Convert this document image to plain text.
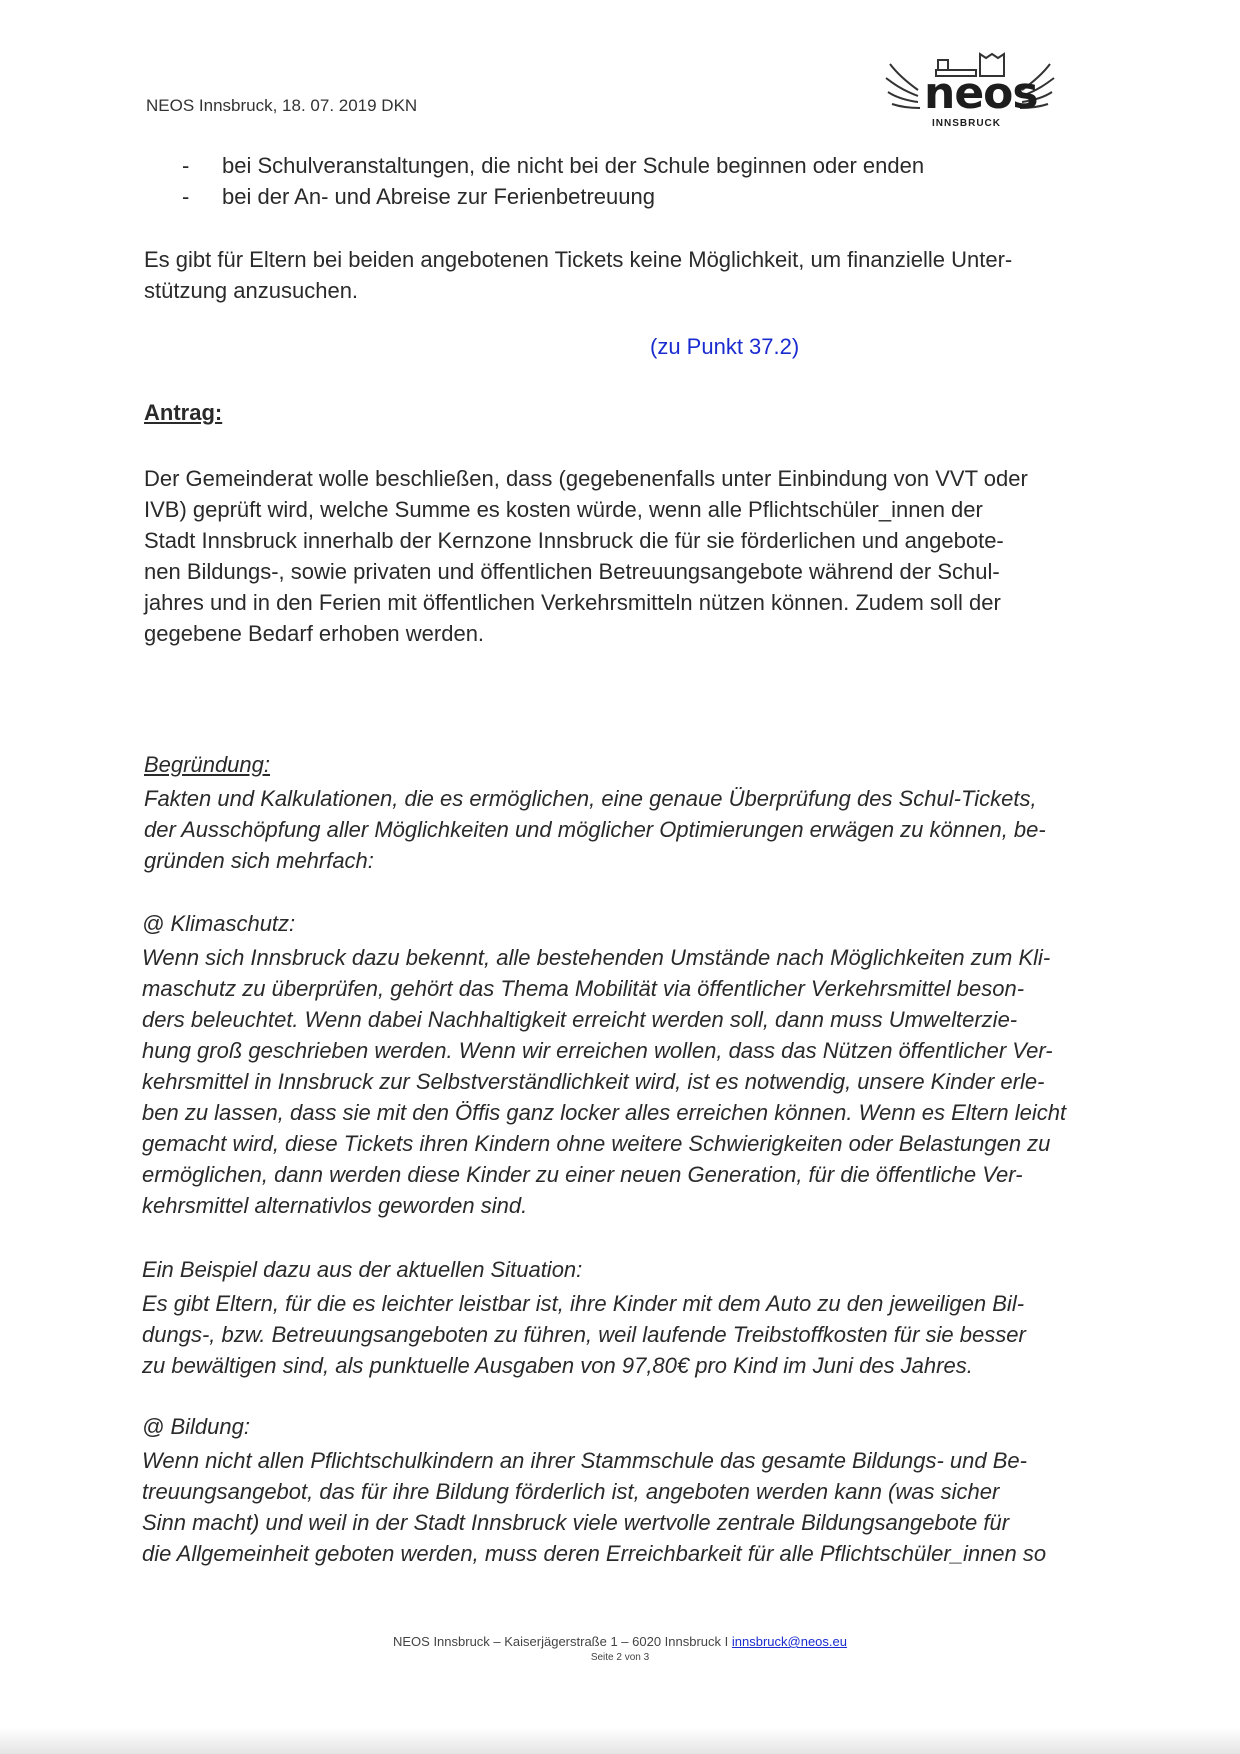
NEOS Innsbruck, 18. 07. 2019 DKN	neos
INNSBRUCK
- bei Schulveranstaltungen, die nicht bei der Schule beginnen oder enden
- bei der An- und Abreise zur Ferienbetreuung
Es gibt für Eltern bei beiden angebotenen Tickets keine Möglichkeit, um finanzielle Unter-
stützung anzusuchen.
(zu Punkt 37.2)
Antrag:
Der Gemeinderat wolle beschließen, dass (gegebenenfalls unter Einbindung von VVT oder
IVB) geprüft wird, welche Summe es kosten würde, wenn alle Pflichtschüler_innen der
Stadt Innsbruck innerhalb der Kernzone Innsbruck die für sie förderlichen und angebote-
nen Bildungs-, sowie privaten und öffentlichen Betreuungsangebote während der Schul-
jahres und in den Ferien mit öffentlichen Verkehrsmitteln nützen können. Zudem soll der
gegebene Bedarf erhoben werden.
Begründung:
Fakten und Kalkulationen, die es ermöglichen, eine genaue Überprüfung des Schul-Tickets,
der Ausschöpfung aller Möglichkeiten und möglicher Optimierungen erwägen zu können, be-
gründen sich mehrfach:
@ Klimaschutz:
Wenn sich Innsbruck dazu bekennt, alle bestehenden Umstände nach Möglichkeiten zum Kli-
maschutz zu überprüfen, gehört das Thema Mobilität via öffentlicher Verkehrsmittel beson-
ders beleuchtet. Wenn dabei Nachhaltigkeit erreicht werden soll, dann muss Umwelterzie-
hung groß geschrieben werden. Wenn wir erreichen wollen, dass das Nützen öffentlicher Ver-
kehrsmittel in Innsbruck zur Selbstverständlichkeit wird, ist es notwendig, unsere Kinder erle-
ben zu lassen, dass sie mit den Öffis ganz locker alles erreichen können. Wenn es Eltern leicht
gemacht wird, diese Tickets ihren Kindern ohne weitere Schwierigkeiten oder Belastungen zu
ermöglichen, dann werden diese Kinder zu einer neuen Generation, für die öffentliche Ver-
kehrsmittel alternativlos geworden sind.
Ein Beispiel dazu aus der aktuellen Situation:
Es gibt Eltern, für die es leichter leistbar ist, ihre Kinder mit dem Auto zu den jeweiligen Bil-
dungs-, bzw. Betreuungsangeboten zu führen, weil laufende Treibstoffkosten für sie besser
zu bewältigen sind, als punktuelle Ausgaben von 97,80€ pro Kind im Juni des Jahres.
@ Bildung:
Wenn nicht allen Pflichtschulkindern an ihrer Stammschule das gesamte Bildungs- und Be-
treuungsangebot, das für ihre Bildung förderlich ist, angeboten werden kann (was sicher
Sinn macht) und weil in der Stadt Innsbruck viele wertvolle zentrale Bildungsangebote für
die Allgemeinheit geboten werden, muss deren Erreichbarkeit für alle Pflichtschüler_innen so
NEOS Innsbruck – Kaiserjägerstraße 1 – 6020 Innsbruck I innsbruck@neos.eu
Seite 2 von 3
